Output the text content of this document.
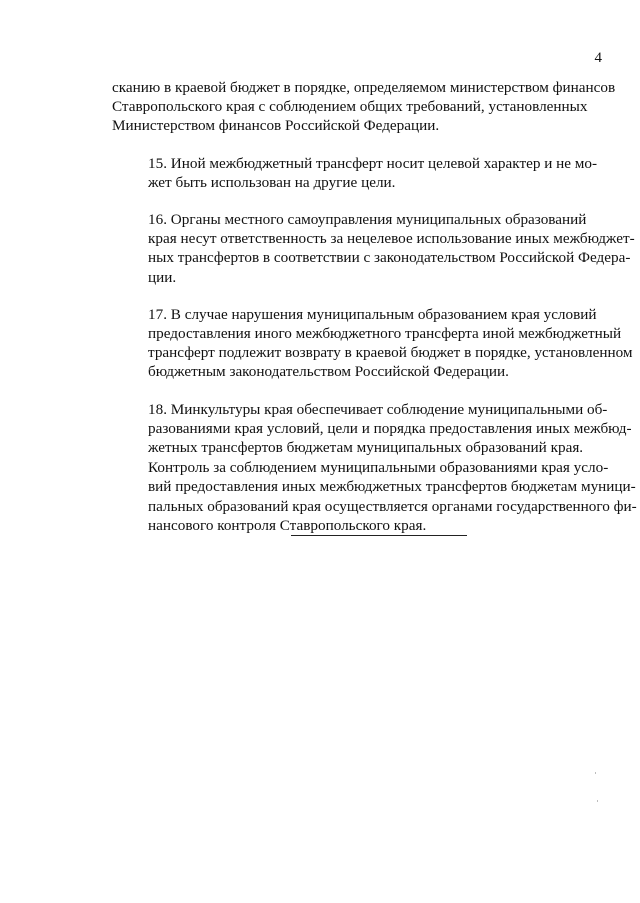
4

сканию в краевой бюджет в порядке, определяемом министерством финансов
Ставропольского края с соблюдением общих требований, установленных
Министерством финансов Российской Федерации.

15. Иной межбюджетный трансферт носит целевой характер и не мо-
жет быть использован на другие цели.

16. Органы местного самоуправления муниципальных образований
края несут ответственность за нецелевое использование иных межбюджет-
ных трансфертов в соответствии с законодательством Российской Федера-
ции.

17. В случае нарушения муниципальным образованием края условий
предоставления иного межбюджетного трансферта иной межбюджетный
трансферт подлежит возврату в краевой бюджет в порядке, установленном
бюджетным законодательством Российской Федерации.

18. Минкультуры края обеспечивает соблюдение муниципальными об-
разованиями края условий, цели и порядка предоставления иных межбюд-
жетных трансфертов бюджетам муниципальных образований края.

Контроль за соблюдением муниципальными образованиями края усло-
вий предоставления иных межбюджетных трансфертов бюджетам муници-
пальных образований края осуществляется органами государственного фи-
нансового контроля Ставропольского края.
